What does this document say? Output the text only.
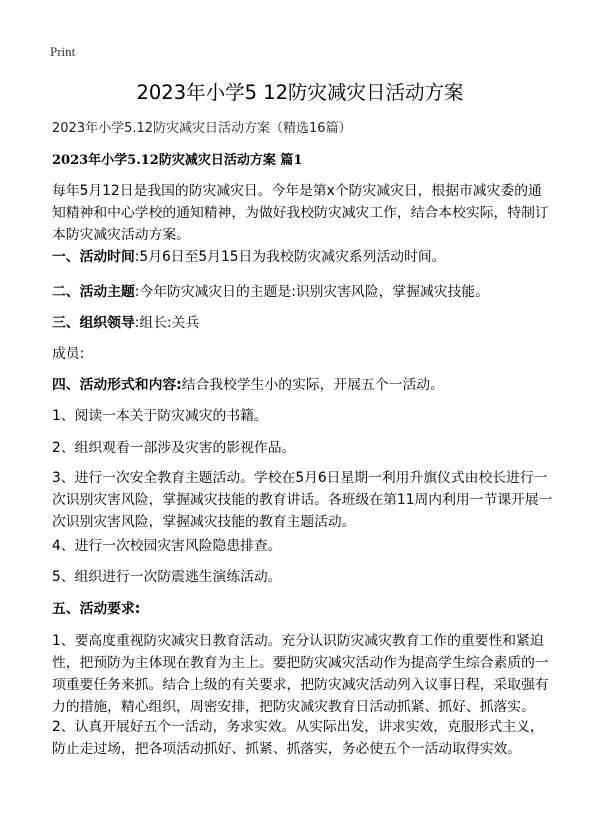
Print
2023年小学5 12防灾减灾日活动方案
2023年小学5.12防灾减灾日活动方案（精选16篇）
2023年小学5.12防灾减灾日活动方案 篇1

每年5月12日是我国的防灾减灾日。今年是第x个防灾减灾日，根据市减灾委的通知精神和中心学校的通知精神，为做好我校防灾减灾工作，结合本校实际，特制订本防灾减灾活动方案。

一、活动时间:5月6日至5月15日为我校防灾减灾系列活动时间。

二、活动主题:今年防灾减灾日的主题是:识别灾害风险，掌握减灾技能。

三、组织领导:组长:关兵

成员:

四、活动形式和内容:结合我校学生小的实际，开展五个一活动。

1、阅读一本关于防灾减灾的书籍。

2、组织观看一部涉及灾害的影视作品。

3、进行一次安全教育主题活动。学校在5月6日星期一利用升旗仪式由校长进行一次识别灾害风险，掌握减灾技能的教育讲话。各班级在第11周内利用一节课开展一次识别灾害风险，掌握减灾技能的教育主题活动。

4、进行一次校园灾害风险隐患排查。

5、组织进行一次防震逃生演练活动。

五、活动要求:

1、要高度重视防灾减灾日教育活动。充分认识防灾减灾教育工作的重要性和紧迫性，把预防为主体现在教育为主上。要把防灾减灾活动作为提高学生综合素质的一项重要任务来抓。结合上级的有关要求，把防灾减灾活动列入议事日程，采取强有力的措施，精心组织，周密安排，把防灾减灾教育日活动抓紧、抓好、抓落实。

2、认真开展好五个一活动，务求实效。从实际出发，讲求实效，克服形式主义，防止走过场，把各项活动抓好、抓紧、抓落实，务必使五个一活动取得实效。
